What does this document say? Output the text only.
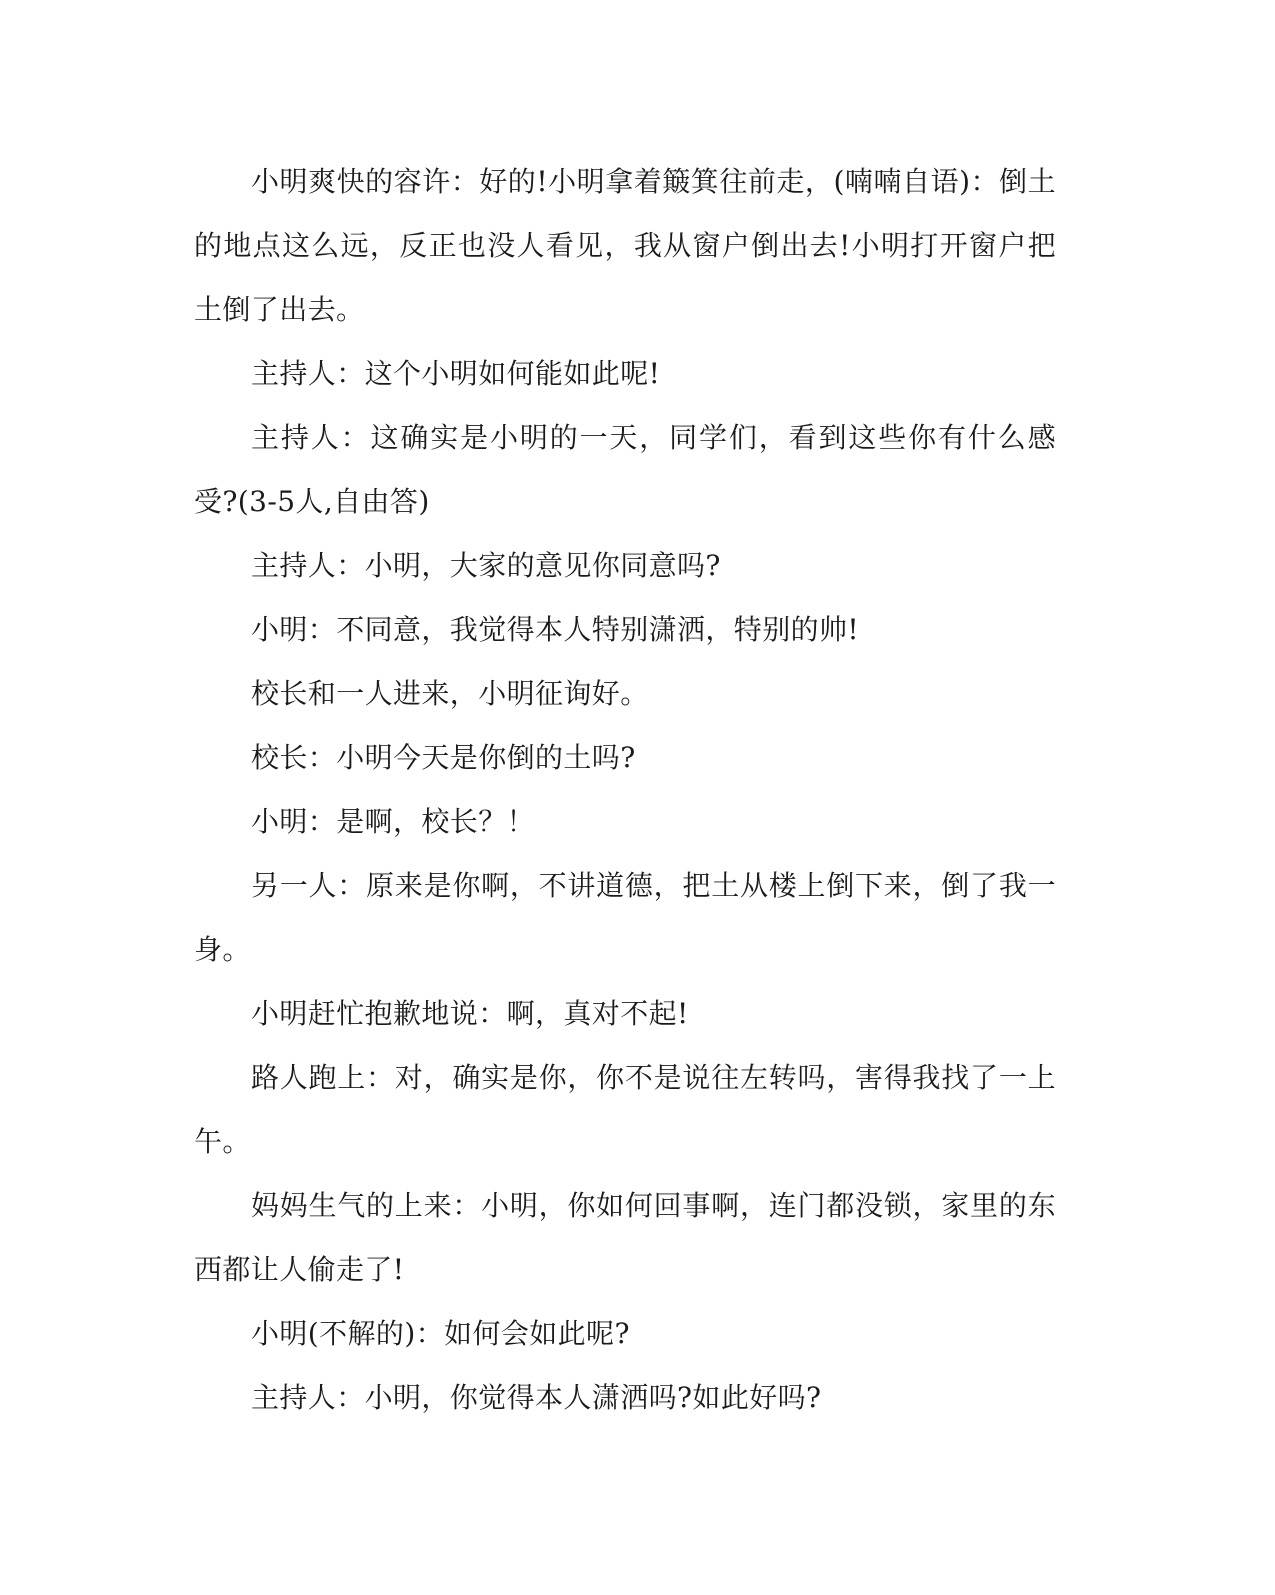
小明爽快的容许：好的!小明拿着簸箕往前走，(喃喃自语)：倒土的地点这么远，反正也没人看见，我从窗户倒出去!小明打开窗户把土倒了出去。

主持人：这个小明如何能如此呢!

主持人：这确实是小明的一天，同学们，看到这些你有什么感受?(3-5人,自由答)

主持人：小明，大家的意见你同意吗?

小明：不同意，我觉得本人特别潇洒，特别的帅!

校长和一人进来，小明征询好。

校长：小明今天是你倒的土吗?

小明：是啊，校长？！

另一人：原来是你啊，不讲道德，把土从楼上倒下来，倒了我一身。

小明赶忙抱歉地说：啊，真对不起!

路人跑上：对，确实是你，你不是说往左转吗，害得我找了一上午。

妈妈生气的上来：小明，你如何回事啊，连门都没锁，家里的东西都让人偷走了!

小明(不解的)：如何会如此呢?

主持人：小明，你觉得本人潇洒吗?如此好吗?
